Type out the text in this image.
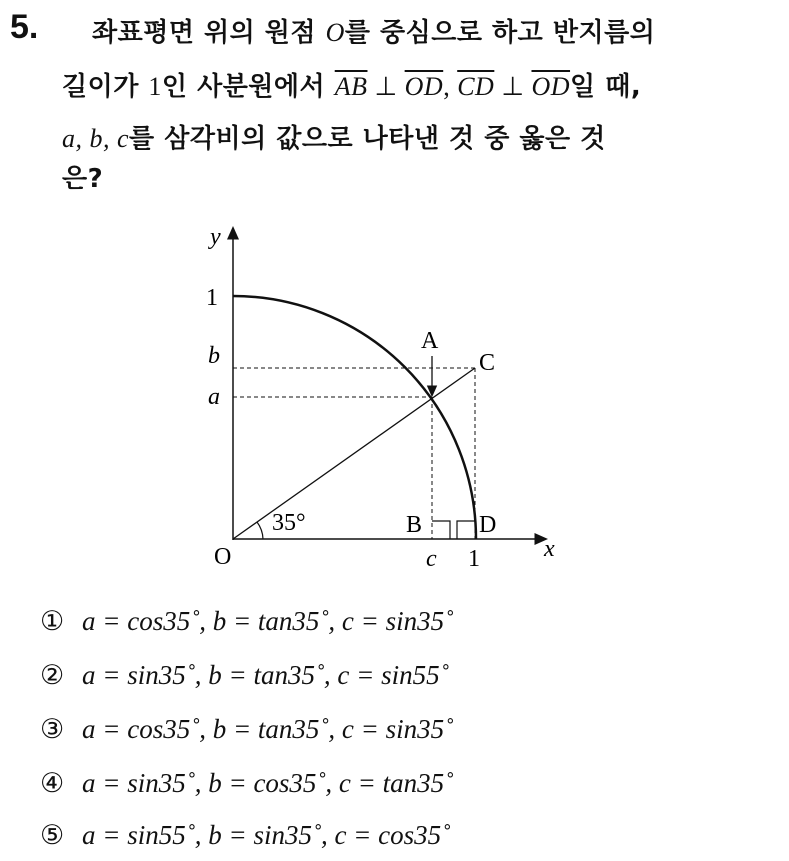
5. 좌표평면 위의 원점 O를 중심으로 하고 반지름의
길이가 1인 사분원에서 $\overline{AB}$ ⊥ $\overline{OD}$, $\overline{CD}$ ⊥ $\overline{OD}$일 때,
a, b, c를 삼각비의 값으로 나타낸 것 중 옳은 것
은?
y
x
O
1
1
b
a
c
A
C
B D
35°
① a = cos35˚, b = tan35˚, c = sin35˚
② a = sin35˚, b = tan35˚, c = sin55˚
③ a = cos35˚, b = tan35˚, c = sin35˚
④ a = sin35˚, b = cos35˚, c = tan35˚
⑤ a = sin55˚, b = sin35˚, c = cos35˚
